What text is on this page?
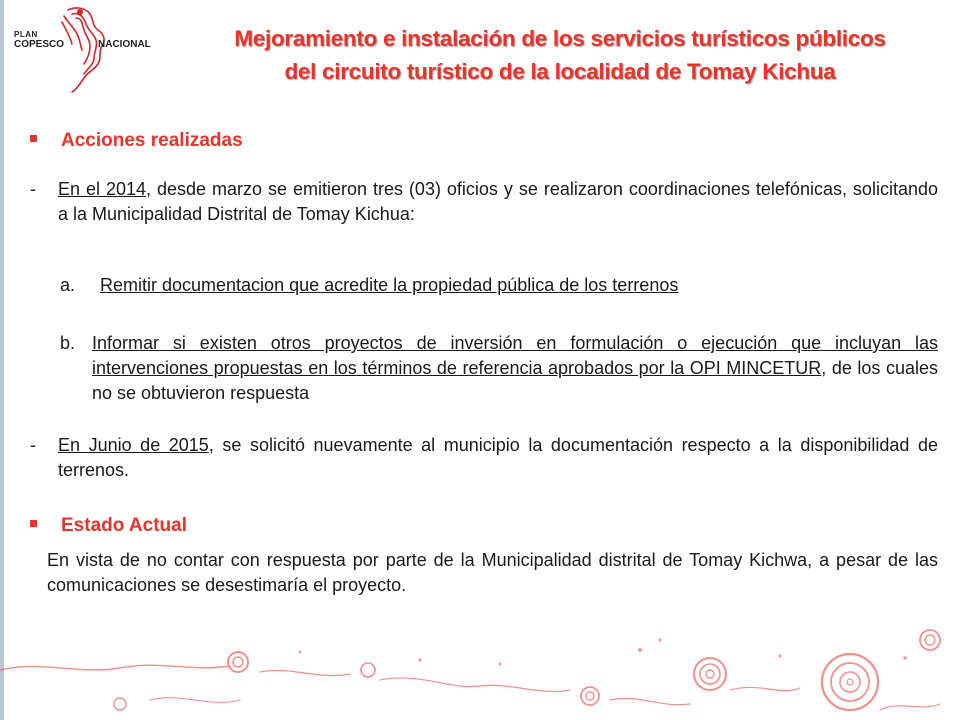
PLAN
COPESCO	NACIONAL	Mejoramiento e instalación de los servicios turísticos públicos
del circuito turístico de la localidad de Tomay Kichua
Acciones realizadas
- En el 2014, desde marzo se emitieron tres (03) oficios y se realizaron coordinaciones telefónicas, solicitando a la Municipalidad Distrital de Tomay Kichua:
a. Remitir documentacion que acredite la propiedad pública de los terrenos
b. Informar si existen otros proyectos de inversión en formulación o ejecución que incluyan las intervenciones propuestas en los términos de referencia aprobados por la OPI MINCETUR, de los cuales no se obtuvieron respuesta
- En Junio de 2015, se solicitó nuevamente al municipio la documentación respecto a la disponibilidad de terrenos.
Estado Actual
En vista de no contar con respuesta por parte de la Municipalidad distrital de Tomay Kichwa, a pesar de las comunicaciones se desestimaría el proyecto.
